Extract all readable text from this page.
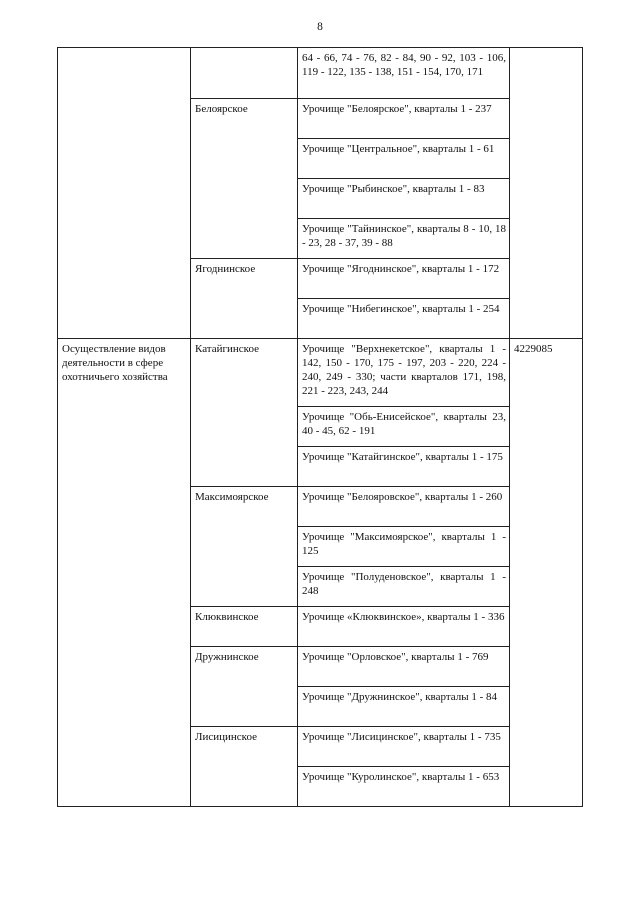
8
		64 - 66, 74 - 76, 82 - 84, 90 - 92, 103 - 106, 119 - 122, 135 - 138, 151 - 154, 170, 171	
	Белоярское	Урочище "Белоярское", кварталы 1 - 237	
		Урочище "Центральное", кварталы 1 - 61	
		Урочище "Рыбинское", кварталы 1 - 83	
		Урочище "Тайнинское", кварталы 8 - 10, 18 - 23, 28 - 37, 39 - 88	
	Ягоднинское	Урочище "Ягоднинское", кварталы 1 - 172	
		Урочище "Нибегинское", кварталы 1 - 254	
Осуществление видов деятельности в сфере охотничьего хозяйства	Катайгинское	Урочище "Верхнекетское", кварталы 1 - 142, 150 - 170, 175 - 197, 203 - 220, 224 - 240, 249 - 330; части кварталов 171, 198, 221 - 223, 243, 244	4229085
		Урочище "Обь-Енисейское", кварталы 23, 40 - 45, 62 - 191	
		Урочище "Катайгинское", кварталы 1 - 175	
	Максимоярское	Урочище "Белояровское", кварталы 1 - 260	
		Урочище "Максимоярское", кварталы 1 - 125	
		Урочище "Полуденовское", кварталы 1 - 248	
	Клюквинское	Урочище «Клюквинское», кварталы 1 - 336	
	Дружнинское	Урочище "Орловское", кварталы 1 - 769	
		Урочище "Дружнинское", кварталы 1 - 84	
	Лисицинское	Урочище "Лисицинское", кварталы 1 - 735	
		Урочище "Куролинское", кварталы 1 - 653	
